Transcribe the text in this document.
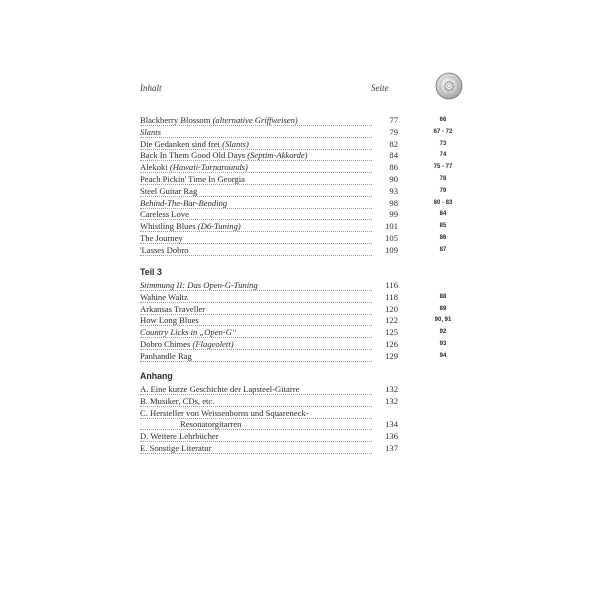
Inhalt	Seite
Blackberry Blossom (alternative Griffweisen)	77	66
Slants	79	67 - 72
Die Gedanken sind frei (Slants)	82	73
Back In Them Good Old Days (Septim-Akkorde)	84	74
Alekoki (Hawaii-Turnarounds)	86	75 - 77
Peach Pickin' Time In Georgia	90	78
Steel Guitar Rag	93	79
Behind-The-Bar-Bending	98	80 - 83
Careless Love	99	84
Whistling Blues (D6-Tuning)	101	85
The Journey	105	86
'Lasses Dobro	109	87
Teil 3
Stimmung II: Das Open-G-Tuning	116
Wahine Waltz	118	88
Arkansas Traveller	120	89
How Long Blues	122	90, 91
Country Licks in „Open-G“	125	92
Dobro Chimes (Flageolett)	126	93
Panhandle Rag	129	94
Anhang
A. Eine kurze Geschichte der Lapsteel-Gitarre	132
B. Musiker, CDs, etc.	132
C. Hersteller von Weissenborns und Squareneck-
Resonatorgitarren	134
D. Weitere Lehrbücher	136
E. Sonstige Literatur	137
